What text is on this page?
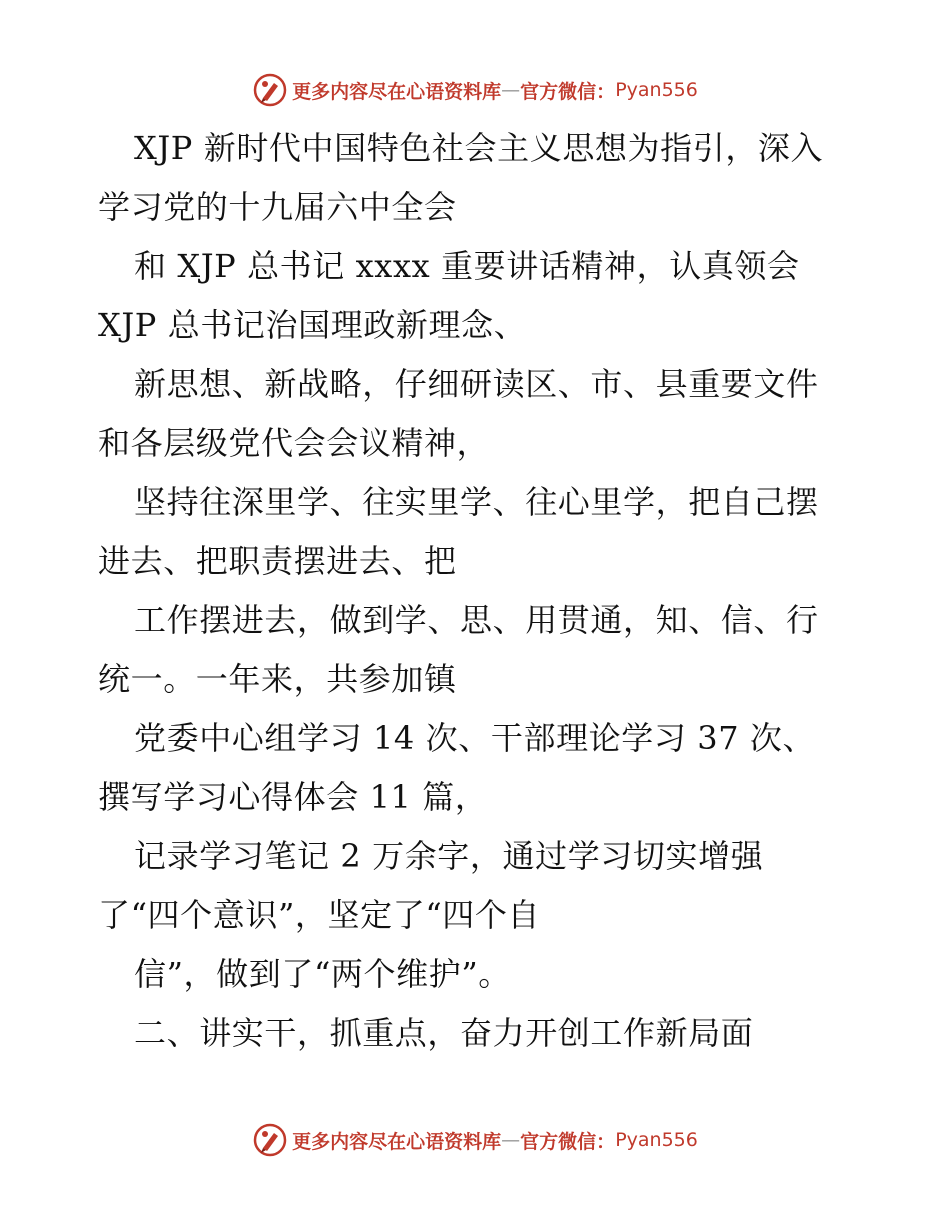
更多内容尽在心语资料库 — 官方微信： Pyan556
XJP 新时代中国特色社会主义思想为指引，深入
学习党的十九届六中全会
和 XJP 总书记 xxxx 重要讲话精神，认真领会
XJP 总书记治国理政新理念、
新思想、新战略，仔细研读区、市、县重要文件
和各层级党代会会议精神，
坚持往深里学、往实里学、往心里学，把自己摆
进去、把职责摆进去、把
工作摆进去，做到学、思、用贯通，知、信、行
统一。一年来，共参加镇
党委中心组学习 14 次、干部理论学习 37 次、
撰写学习心得体会 11 篇，
记录学习笔记 2 万余字，通过学习切实增强
了“四个意识”，坚定了“四个自
信”，做到了“两个维护”。
二、讲实干，抓重点，奋力开创工作新局面
更多内容尽在心语资料库 — 官方微信： Pyan556
